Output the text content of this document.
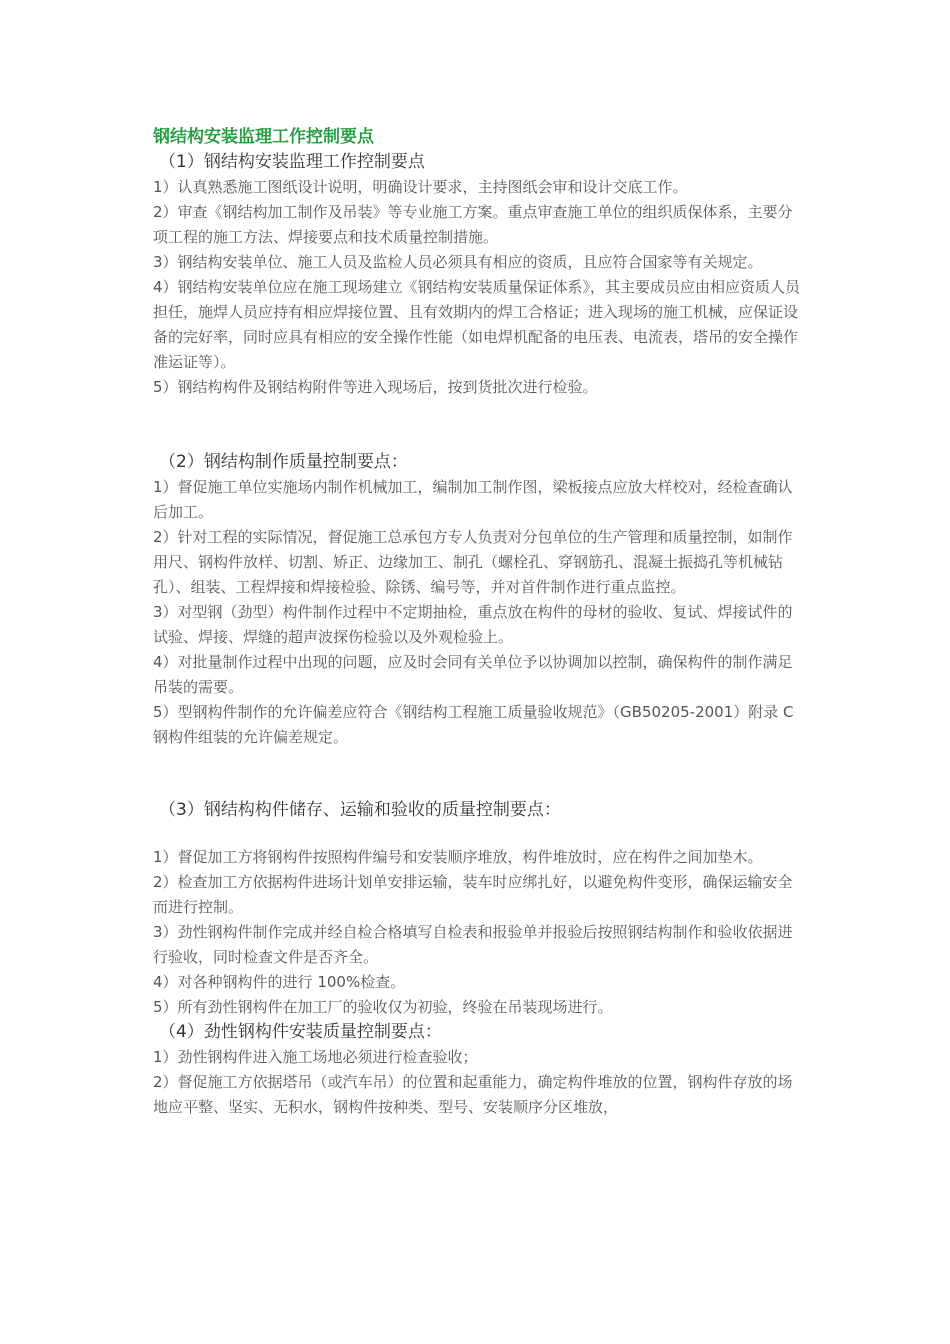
钢结构安装监理工作控制要点
（1）钢结构安装监理工作控制要点

1）认真熟悉施工图纸设计说明，明确设计要求，主持图纸会审和设计交底工作。

2）审查《钢结构加工制作及吊装》等专业施工方案。重点审查施工单位的组织质保体系，主要分项工程的施工方法、焊接要点和技术质量控制措施。

3）钢结构安装单位、施工人员及监检人员必须具有相应的资质，且应符合国家等有关规定。

4）钢结构安装单位应在施工现场建立《钢结构安装质量保证体系》，其主要成员应由相应资质人员担任，施焊人员应持有相应焊接位置、且有效期内的焊工合格证；进入现场的施工机械，应保证设备的完好率，同时应具有相应的安全操作性能（如电焊机配备的电压表、电流表，塔吊的安全操作准运证等）。

5）钢结构构件及钢结构附件等进入现场后，按到货批次进行检验。

（2）钢结构制作质量控制要点：

1）督促施工单位实施场内制作机械加工，编制加工制作图，梁板接点应放大样校对，经检查确认后加工。

2）针对工程的实际情况，督促施工总承包方专人负责对分包单位的生产管理和质量控制，如制作用尺、钢构件放样、切割、矫正、边缘加工、制孔（螺栓孔、穿钢筋孔、混凝土振捣孔等机械钻孔）、组装、工程焊接和焊接检验、除锈、编号等，并对首件制作进行重点监控。

3）对型钢（劲型）构件制作过程中不定期抽检，重点放在构件的母材的验收、复试、焊接试件的试验、焊接、焊缝的超声波探伤检验以及外观检验上。

4）对批量制作过程中出现的问题，应及时会同有关单位予以协调加以控制，确保构件的制作满足吊装的需要。

5）型钢构件制作的允许偏差应符合《钢结构工程施工质量验收规范》（GB50205-2001）附录 C 钢构件组装的允许偏差规定。

（3）钢结构构件储存、运输和验收的质量控制要点：

1）督促加工方将钢构件按照构件编号和安装顺序堆放，构件堆放时，应在构件之间加垫木。

2）检查加工方依据构件进场计划单安排运输，装车时应绑扎好，以避免构件变形，确保运输安全而进行控制。

3）劲性钢构件制作完成并经自检合格填写自检表和报验单并报验后按照钢结构制作和验收依据进行验收，同时检查文件是否齐全。

4）对各种钢构件的进行 100%检查。

5）所有劲性钢构件在加工厂的验收仅为初验，终验在吊装现场进行。

（4）劲性钢构件安装质量控制要点：

1）劲性钢构件进入施工场地必须进行检查验收；

2）督促施工方依据塔吊（或汽车吊）的位置和起重能力，确定构件堆放的位置，钢构件存放的场地应平整、坚实、无积水，钢构件按种类、型号、安装顺序分区堆放，
